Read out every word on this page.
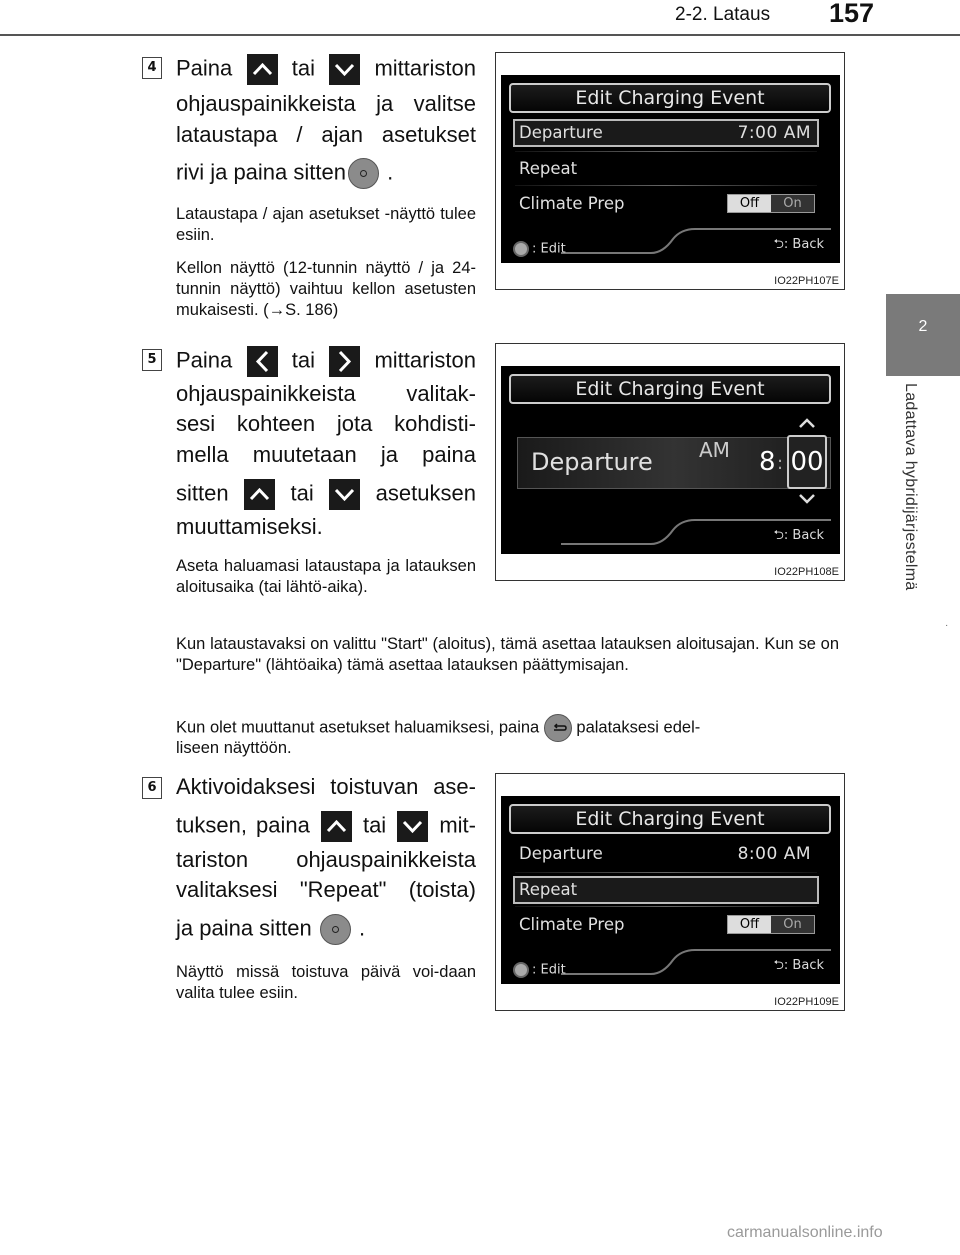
2-2. Lataus 157
2
Ladattava hybridijärjestelmä
·
4 Paina	tai	mittariston
ohjauspainikkeista ja valitse
lataustapa / ajan asetukset
rivi ja paina sitten .
Lataustapa / ajan asetukset -näyttö tulee esiin.
Kellon näyttö (12-tunnin näyttö / ja 24-tunnin näyttö) vaihtuu kellon asetusten mukaisesti. (→S. 186)
Edit Charging Event
Departure	7:00 AM
Repeat
Climate Prep	Off	On
: Edit	⮌: Back
IO22PH107E
5 Paina	tai	mittariston
ohjauspainikkeista valitak-
sesi kohteen jota kohdisti-
mella muutetaan ja paina
sitten	tai	asetuksen
muuttamiseksi.
Aseta haluamasi lataustapa ja latauksen aloitusaika (tai lähtö-aika).
Kun lataustavaksi on valittu "Start" (aloitus), tämä asettaa latauksen aloitusajan. Kun se on "Departure" (lähtöaika) tämä asettaa latauksen päättymisajan.
Kun olet muuttanut asetukset haluamiksesi, paina palataksesi edel-
liseen näyttöön.
Edit Charging Event
Departure AM 8 : 00
⮌: Back
IO22PH108E
6 Aktivoidaksesi toistuvan ase-
tuksen, paina tai mit-
tariston ohjauspainikkeista
valitaksesi "Repeat" (toista)
ja paina sitten .
Näyttö missä toistuva päivä voi-daan valita tulee esiin.
Edit Charging Event
Departure	8:00 AM
Repeat
Climate Prep	Off	On
: Edit	⮌: Back
IO22PH109E
carmanualsonline.info
